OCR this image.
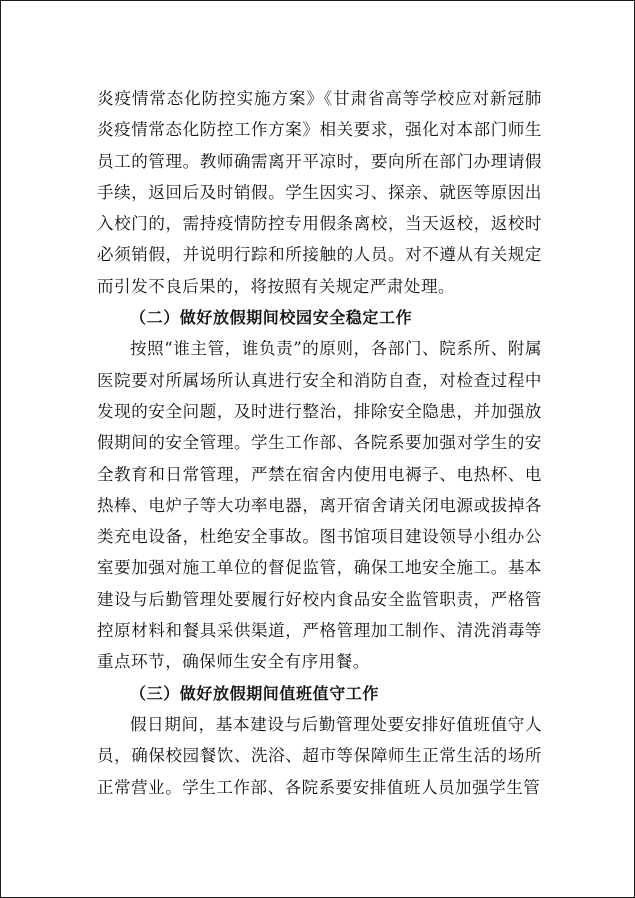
炎疫情常态化防控实施方案》《甘肃省高等学校应对新冠肺炎疫情常态化防控工作方案》相关要求，强化对本部门师生员工的管理。教师确需离开平凉时，要向所在部门办理请假手续，返回后及时销假。学生因实习、探亲、就医等原因出入校门的，需持疫情防控专用假条离校，当天返校，返校时必须销假，并说明行踪和所接触的人员。对不遵从有关规定而引发不良后果的，将按照有关规定严肃处理。

（二）做好放假期间校园安全稳定工作

按照“谁主管，谁负责”的原则，各部门、院系所、附属医院要对所属场所认真进行安全和消防自查，对检查过程中发现的安全问题，及时进行整治，排除安全隐患，并加强放假期间的安全管理。学生工作部、各院系要加强对学生的安全教育和日常管理，严禁在宿舍内使用电褥子、电热杯、电热棒、电炉子等大功率电器，离开宿舍请关闭电源或拔掉各类充电设备，杜绝安全事故。图书馆项目建设领导小组办公室要加强对施工单位的督促监管，确保工地安全施工。基本建设与后勤管理处要履行好校内食品安全监管职责，严格管控原材料和餐具采供渠道，严格管理加工制作、清洗消毒等重点环节，确保师生安全有序用餐。

（三）做好放假期间值班值守工作

假日期间，基本建设与后勤管理处要安排好值班值守人员，确保校园餐饮、洗浴、超市等保障师生正常生活的场所正常营业。学生工作部、各院系要安排值班人员加强学生管
